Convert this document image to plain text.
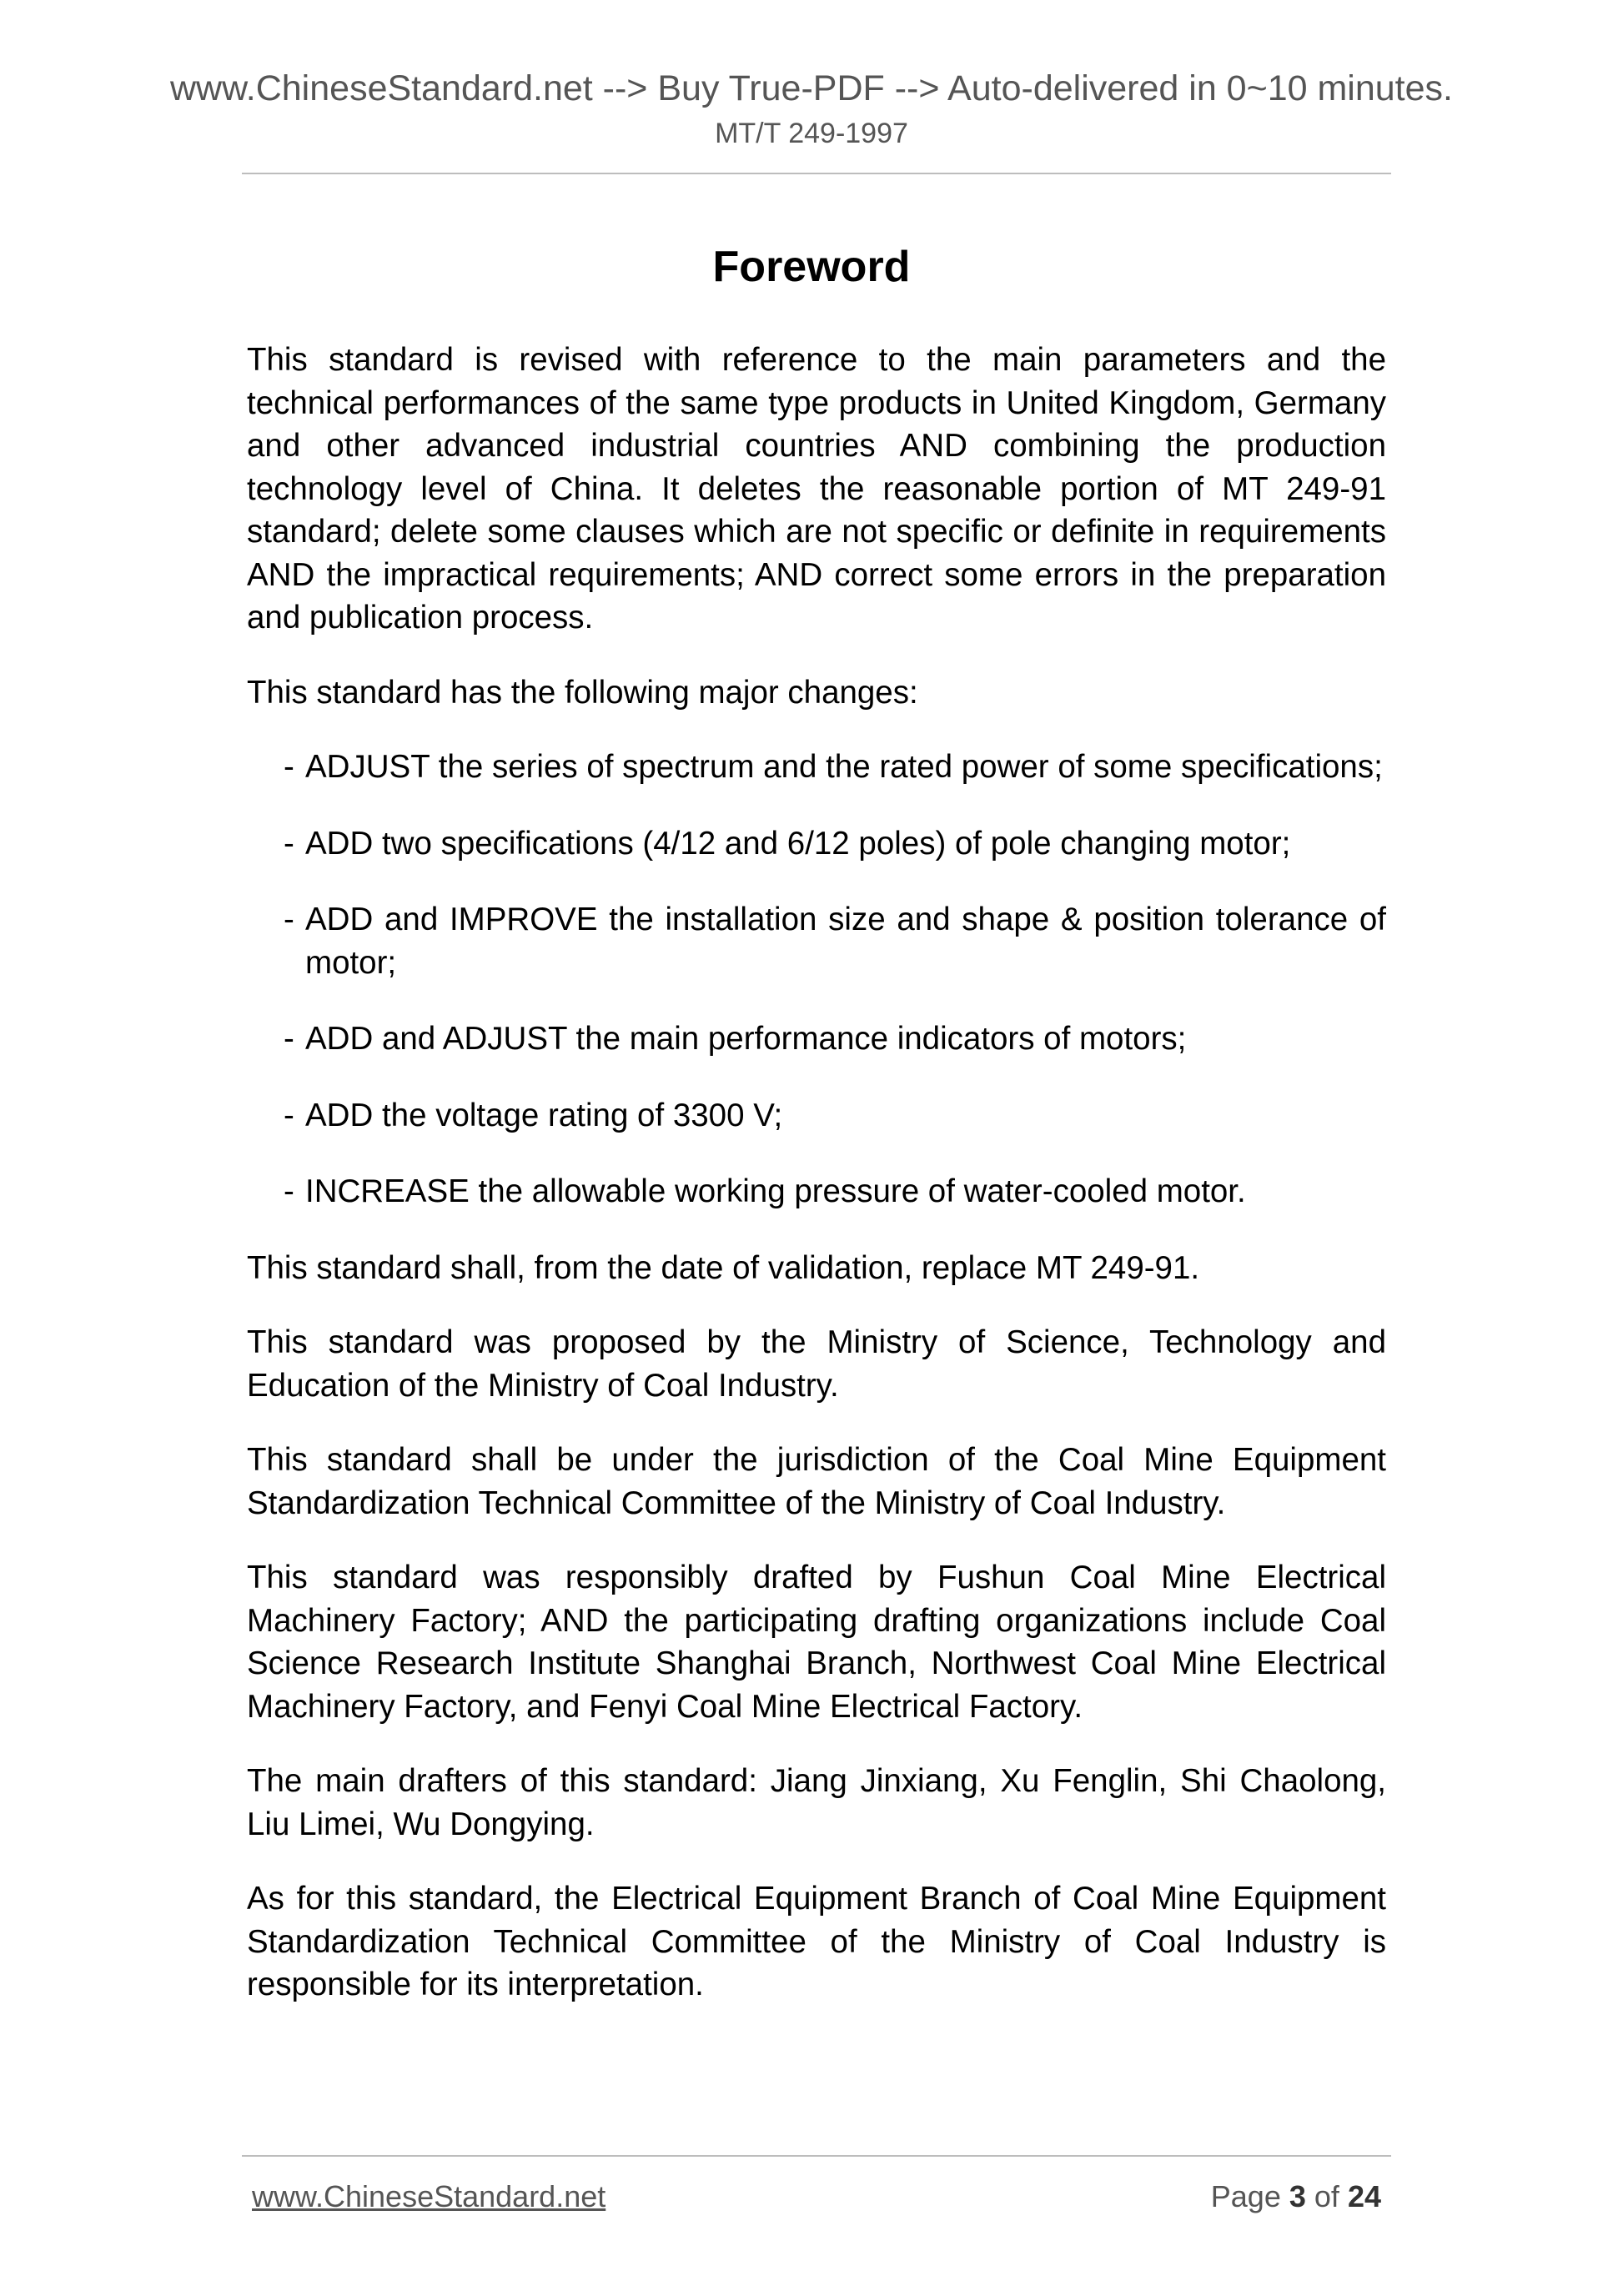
www.ChineseStandard.net --> Buy True-PDF --> Auto-delivered in 0~10 minutes.
MT/T 249-1997
Foreword

This standard is revised with reference to the main parameters and the technical performances of the same type products in United Kingdom, Germany and other advanced industrial countries AND combining the production technology level of China. It deletes the reasonable portion of MT 249-91 standard; delete some clauses which are not specific or definite in requirements AND the impractical requirements; AND correct some errors in the preparation and publication process.

This standard has the following major changes:

- ADJUST the series of spectrum and the rated power of some specifications;
- ADD two specifications (4/12 and 6/12 poles) of pole changing motor;
- ADD and IMPROVE the installation size and shape & position tolerance of motor;
- ADD and ADJUST the main performance indicators of motors;
- ADD the voltage rating of 3300 V;
- INCREASE the allowable working pressure of water-cooled motor.

This standard shall, from the date of validation, replace MT 249-91.

This standard was proposed by the Ministry of Science, Technology and Education of the Ministry of Coal Industry.

This standard shall be under the jurisdiction of the Coal Mine Equipment Standardization Technical Committee of the Ministry of Coal Industry.

This standard was responsibly drafted by Fushun Coal Mine Electrical Machinery Factory; AND the participating drafting organizations include Coal Science Research Institute Shanghai Branch, Northwest Coal Mine Electrical Machinery Factory, and Fenyi Coal Mine Electrical Factory.

The main drafters of this standard: Jiang Jinxiang, Xu Fenglin, Shi Chaolong, Liu Limei, Wu Dongying.

As for this standard, the Electrical Equipment Branch of Coal Mine Equipment Standardization Technical Committee of the Ministry of Coal Industry is responsible for its interpretation.

www.ChineseStandard.net	Page 3 of 24
